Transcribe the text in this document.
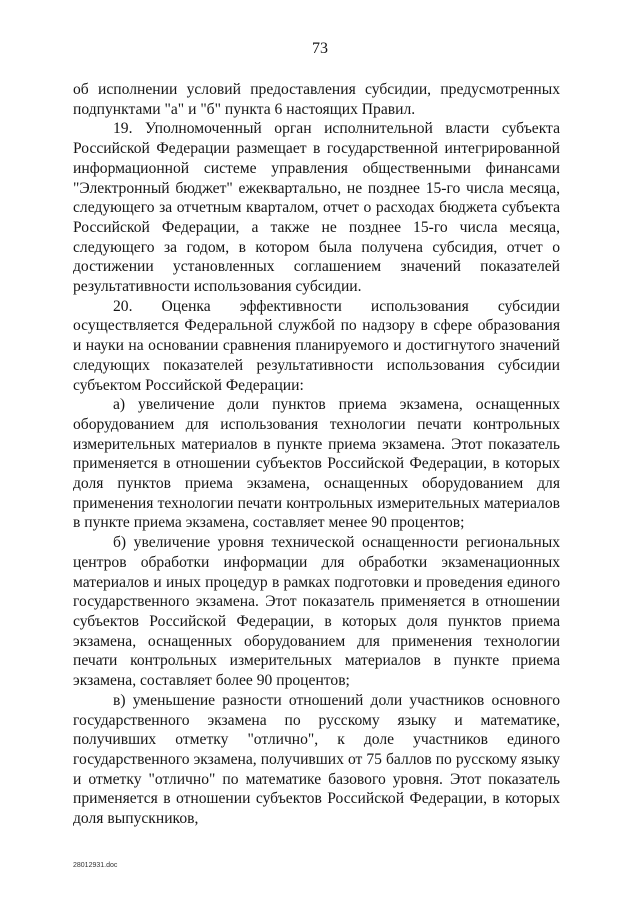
73

об исполнении условий предоставления субсидии, предусмотренных подпунктами "а" и "б" пункта 6 настоящих Правил.

19. Уполномоченный орган исполнительной власти субъекта Российской Федерации размещает в государственной интегрированной информационной системе управления общественными финансами "Электронный бюджет" ежеквартально, не позднее 15-го числа месяца, следующего за отчетным кварталом, отчет о расходах бюджета субъекта Российской Федерации, а также не позднее 15-го числа месяца, следующего за годом, в котором была получена субсидия, отчет о достижении установленных соглашением значений показателей результативности использования субсидии.

20. Оценка эффективности использования субсидии осуществляется Федеральной службой по надзору в сфере образования и науки на основании сравнения планируемого и достигнутого значений следующих показателей результативности использования субсидии субъектом Российской Федерации:

а) увеличение доли пунктов приема экзамена, оснащенных оборудованием для использования технологии печати контрольных измерительных материалов в пункте приема экзамена. Этот показатель применяется в отношении субъектов Российской Федерации, в которых доля пунктов приема экзамена, оснащенных оборудованием для применения технологии печати контрольных измерительных материалов в пункте приема экзамена, составляет менее 90 процентов;

б) увеличение уровня технической оснащенности региональных центров обработки информации для обработки экзаменационных материалов и иных процедур в рамках подготовки и проведения единого государственного экзамена. Этот показатель применяется в отношении субъектов Российской Федерации, в которых доля пунктов приема экзамена, оснащенных оборудованием для применения технологии печати контрольных измерительных материалов в пункте приема экзамена, составляет более 90 процентов;

в) уменьшение разности отношений доли участников основного государственного экзамена по русскому языку и математике, получивших отметку "отлично", к доле участников единого государственного экзамена, получивших от 75 баллов по русскому языку и отметку "отлично" по математике базового уровня. Этот показатель применяется в отношении субъектов Российской Федерации, в которых доля выпускников,

28012931.doc
